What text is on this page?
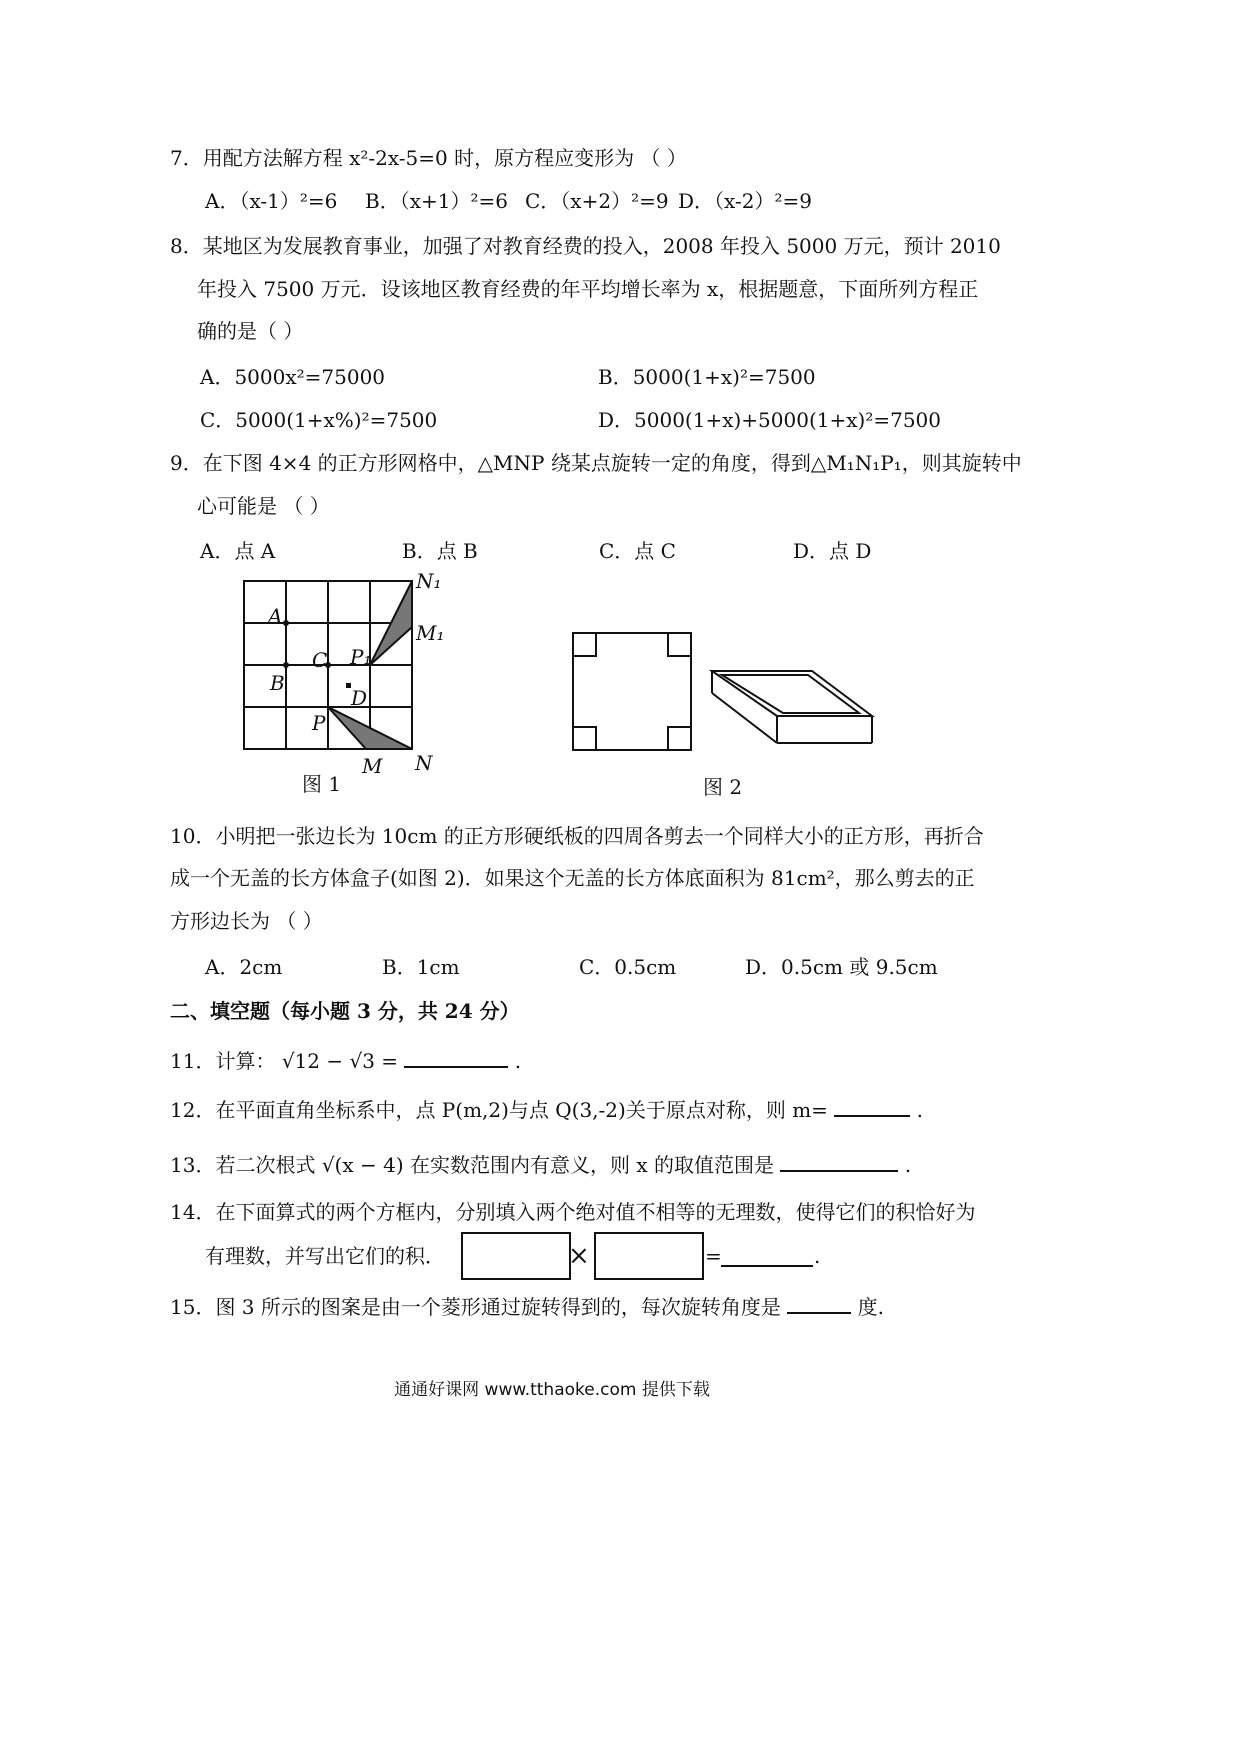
7．用配方法解方程 x²-2x-5=0 时，原方程应变形为 （ ）
A．（x-1）²=6 B．（x+1）²=6 C．（x+2）²=9 D．（x-2）²=9
8．某地区为发展教育事业，加强了对教育经费的投入，2008 年投入 5000 万元，预计 2010
年投入 7500 万元．设该地区教育经费的年平均增长率为 x，根据题意，下面所列方程正
确的是（ ）
A．5000x²=75000	B．5000(1+x)²=7500
C．5000(1+x%)²=7500	D．5000(1+x)+5000(1+x)²=7500
9．在下图 4×4 的正方形网格中，△MNP 绕某点旋转一定的角度，得到△M₁N₁P₁，则其旋转中
心可能是 （ ）
A．点 A	B．点 B	C．点 C	D．点 D
A
B
C
D
P
M N
P₁
M₁
N₁
图 1	图 2
10．小明把一张边长为 10cm 的正方形硬纸板的四周各剪去一个同样大小的正方形，再折合
成一个无盖的长方体盒子(如图 2)．如果这个无盖的长方体底面积为 81cm²，那么剪去的正
方形边长为 （ ）
A．2cm	B．1cm	C．0.5cm	D．0.5cm 或 9.5cm
二、填空题（每小题 3 分，共 24 分）
11．计算： √12 − √3 =	.
12．在平面直角坐标系中，点 P(m,2)与点 Q(3,-2)关于原点对称，则 m=	.
13．若二次根式 √(x − 4) 在实数范围内有意义，则 x 的取值范围是	.
14．在下面算式的两个方框内，分别填入两个绝对值不相等的无理数，使得它们的积恰好为
有理数，并写出它们的积．	×	=	.
15．图 3 所示的图案是由一个菱形通过旋转得到的，每次旋转角度是	度.
通通好课网 www.tthaoke.com 提供下载
